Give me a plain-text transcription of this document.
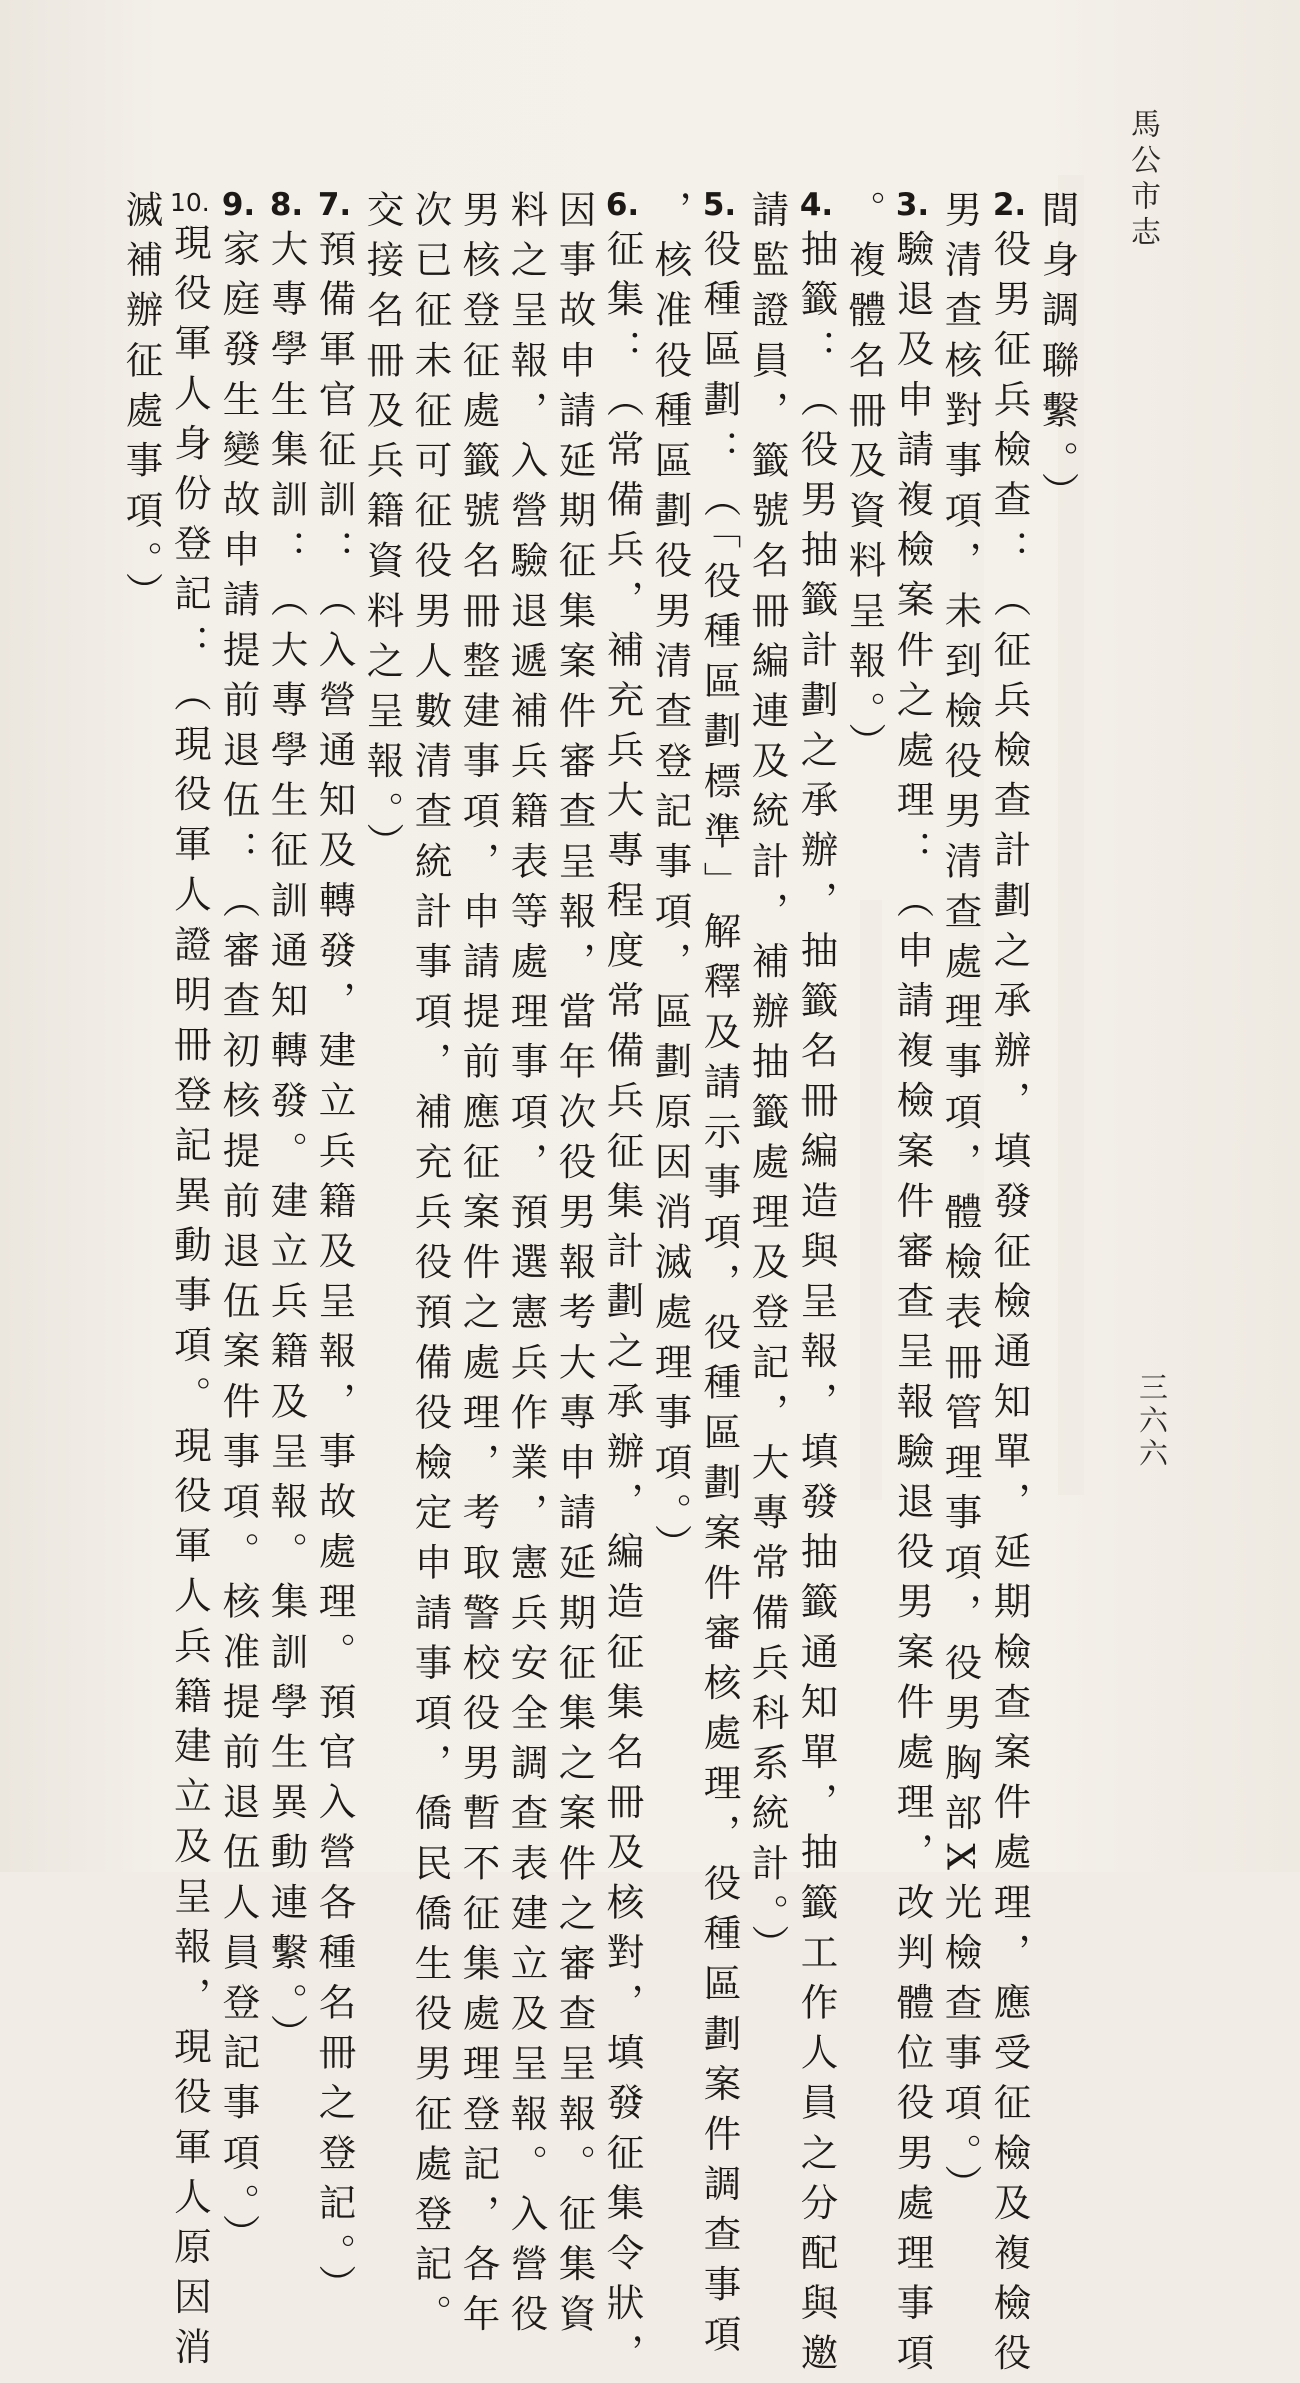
馬公市志
三六六
間身調聯繫。）
2.役男征兵檢查：（征兵檢查計劃之承辦，填發征檢通知單，延期檢查案件處理，應受征檢及複檢役
男清查核對事項，未到檢役男清查處理事項，體檢表冊管理事項，役男胸部X光檢查事項。）
3.驗退及申請複檢案件之處理：（申請複檢案件審查呈報驗退役男案件處理，改判體位役男處理事項
。複體名冊及資料呈報。）
4.抽籤：（役男抽籤計劃之承辦，抽籤名冊編造與呈報，填發抽籤通知單，抽籤工作人員之分配與邀
請監證員，籤號名冊編連及統計，補辦抽籤處理及登記，大專常備兵科系統計。）
5.役種區劃：（「役種區劃標準」解釋及請示事項，役種區劃案件審核處理，役種區劃案件調查事項
，核准役種區劃役男清查登記事項，區劃原因消滅處理事項。）
6.征集：（常備兵，補充兵大專程度常備兵征集計劃之承辦，編造征集名冊及核對，填發征集令狀，
因事故申請延期征集案件審查呈報，當年次役男報考大專申請延期征集之案件之審查呈報。征集資
料之呈報，入營驗退遞補兵籍表等處理事項，預選憲兵作業，憲兵安全調查表建立及呈報。入營役
男核登征處籤號名冊整建事項，申請提前應征案件之處理，考取警校役男暫不征集處理登記，各年
次已征未征可征役男人數清查統計事項，補充兵役預備役檢定申請事項，僑民僑生役男征處登記。
交接名冊及兵籍資料之呈報。）
7.預備軍官征訓：（入營通知及轉發，建立兵籍及呈報，事故處理。預官入營各種名冊之登記。）
8.大專學生集訓：（大專學生征訓通知轉發。建立兵籍及呈報。集訓學生異動連繫。）
9.家庭發生變故申請提前退伍：（審查初核提前退伍案件事項。核准提前退伍人員登記事項。）
10.現役軍人身份登記：（現役軍人證明冊登記異動事項。現役軍人兵籍建立及呈報，現役軍人原因消
滅補辦征處事項。）
